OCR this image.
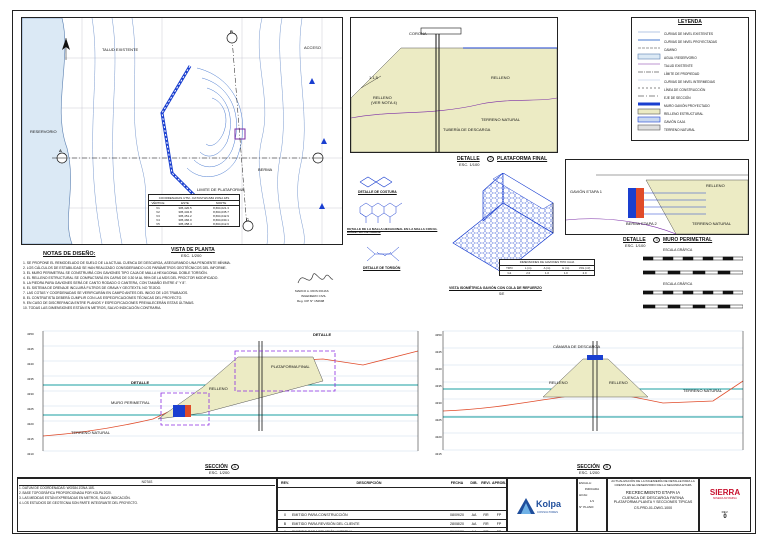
TALUD EXISTENTE
LIMITE DE PLATAFORMA
ACCESO
BERMA
RESERVORIO
A
B
C
COORDENADAS UTM - DATUM WGS84 ZONA 18S
VÉRTICE	ESTE	NORTE
V1	305,420.5	8,664,021.3
V2	305,432.8	8,664,035.7
V3	305,451.2	8,664,042.9
V4	305,466.0	8,664,030.1
V5	305,458.4	8,664,012.6
VISTA DE PLANTA
ESC. 1/200
NOTAS DE DISEÑO:
1. SE PROPONE EL REMODELADO DE SUELO DE LA ACTUAL CUENCA DE DESCARGA, ASEGURANDO UNA PENDIENTE MÍNIMA.
2. LOS CÁLCULOS DE ESTABILIDAD SE HAN REALIZADO CONSIDERANDO LOS PARÁMETROS GEOTÉCNICOS DEL INFORME.
3. EL MURO PERIMETRAL SE CONSTRUIRÁ CON GAVIONES TIPO CAJA DE MALLA HEXAGONAL DOBLE TORSIÓN.
4. EL RELLENO ESTRUCTURAL SE COMPACTARÁ EN CAPAS DE 0.30 M AL 95% DE LA MDS DEL PROCTOR MODIFICADO.
5. LA PIEDRA PARA GAVIONES SERÁ DE CANTO RODADO O CANTERA, CON TAMAÑO ENTRE 4" Y 8".
6. EL SISTEMA DE DRENAJE INCLUIRÁ FILTROS DE GRAVA Y GEOTEXTIL NO TEJIDO.
7. LAS COTAS Y COORDENADAS SE VERIFICARÁN EN CAMPO ANTES DEL INICIO DE LOS TRABAJOS.
8. EL CONTRATISTA DEBERÁ CUMPLIR CON LAS ESPECIFICACIONES TÉCNICAS DEL PROYECTO.
9. EN CASO DE DISCREPANCIA ENTRE PLANOS Y ESPECIFICACIONES PREVALECERÁN ESTAS ÚLTIMAS.
10. TODAS LAS DIMENSIONES ESTÁN EN METROS, SALVO INDICACIÓN CONTRARIA.
MARCO A. RIOS ROJAS
INGENIERO CIVIL
Reg. CIP N° 152698
RELLENO
(VER NOTA 4)
RELLENO
TUBERÍA DE DESCARGA
TERRENO NATURAL
CORONA
1:1.5
DETALLE	2	PLATAFORMA FINAL
ESC. 1/100
LEYENDA
CURVAS DE NIVEL EXISTENTES
CURVAS DE NIVEL PROYECTADAS
CAMINO
AGUA / RESERVORIO
TALUD EXISTENTE
LÍMITE DE PROPIEDAD
CURVAS DE NIVEL INTERMEDIAS
LÍNEA DE CONSTRUCCIÓN
EJE DE SECCIÓN
MURO GAVIÓN PROYECTADO
RELLENO ESTRUCTURAL
GAVIÓN CAJA
TERRENO NATURAL
DETALLE DE COSTURA
DETALLE DE LA MALLA HEXAGONAL EN LA MALLA CON EL DIÁMETRO DE BORDE
DETALLE DE TORSIÓN
VISTA ISOMÉTRICA GAVIÓN CON COLA DE REFUERZO
S/E
DIMENSIONES DE GAVIONES TIPO CAJA
TIPO	L (m)	A (m)	H (m)	VOL (m³)
G1	2.0	1.0	1.0	2.0
GAVIÓN ETAPA 1
BERMA ETAPA 2
RELLENO
TERRENO NATURAL
DETALLE	3	MURO PERIMETRAL
ESC. 1/100
ESCALA GRÁFICA
ESCALA GRÁFICA
4350
4345
4340
4335
4330
4325
4320
4315
4310
MURO PERIMETRAL
RELLENO
PLATAFORMA FINAL
DETALLE
DETALLE
TERRENO NATURAL
SECCIÓN	A
ESC. 1/200
4350
4345
4340
4335
4330
4325
4320
4315
RELLENO	RELLENO
CÁMARA DE DESCARGA
TERRENO NATURAL
SECCIÓN	B
ESC. 1/200
NOTAS
1. DATUM DE COORDENADAS: WGS84 ZONA 18S.
2. BASE TOPOGRÁFICA PROPORCIONADA POR KOLPA 2020.
3. LAS MEDIDAS ESTÁN EXPRESADAS EN METROS, SALVO INDICACIÓN.
4. LOS ESTUDIOS DE GEOTECNIA SON PARTE INTEGRANTE DEL PROYECTO.
REV.	DESCRIPCIÓN	FECHA	DIB.	REVI. APROB.
0	EMITIDO PARA CONSTRUCCIÓN	08/09/20	AA	RR	FP
B	EMITIDO PARA REVISIÓN DEL CLIENTE	28/08/20	AA	RR	FP
A	EMITIDO PARA REVISIÓN INTERNA	20/08/20	AA	RR	FP
Kolpa
CONSULTORES
ESCALA:
INDICADA
HOJA:
1/1
N° PLANO:
ACTUALIZACIÓN DE LA INGENIERÍA DE DETALLE PARA LA CRESTA EN EL RESERVORIO DE LA SEGUNDA ETAPA
RECRECIMIENTO ETAPA IA
CUENCA DE DESCARGA PATINA
PLATAFORMA PLANTA Y SECCIONES TÍPICAS
CS-PRD-01-DWG-1000
SIERRA
MINERA ANTAMINA
REV.
0
